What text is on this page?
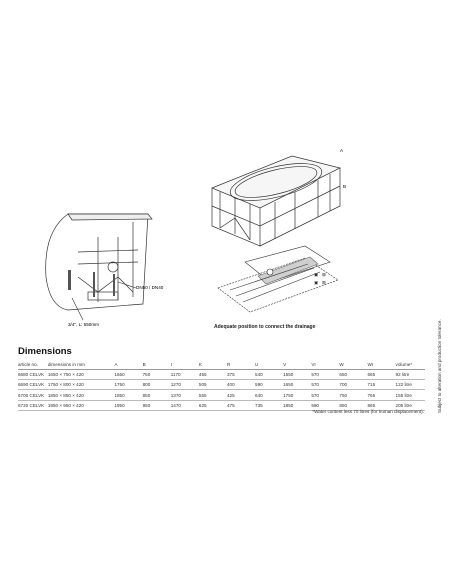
3/4", L: 550mm
DN50 / DN40
A
B
▣ ⊠
▣ ⊠
Adequate position to connect the drainage
Dimensions
article no.	dimensions in mm	A	B	I	K	R	U	V	VI	W	WI	volume*
6680 CELVK	1650 × 750 × 420	1650	750	1170	455	375	540	1550	570	650	665	92 litre
6690 CELVK	1750 × 800 × 420	1750	800	1270	505	400	590	1650	570	700	715	122 litre
6700 CELVK	1850 × 850 × 420	1850	850	1370	555	425	640	1750	570	750	765	155 litre
6720 CELVK	1950 × 950 × 420	1950	950	1470	625	475	735	1850	590	850	865	205 litre
*Water content less 70 litres (for human displacement).	Subject to alteration and production tolerance.
